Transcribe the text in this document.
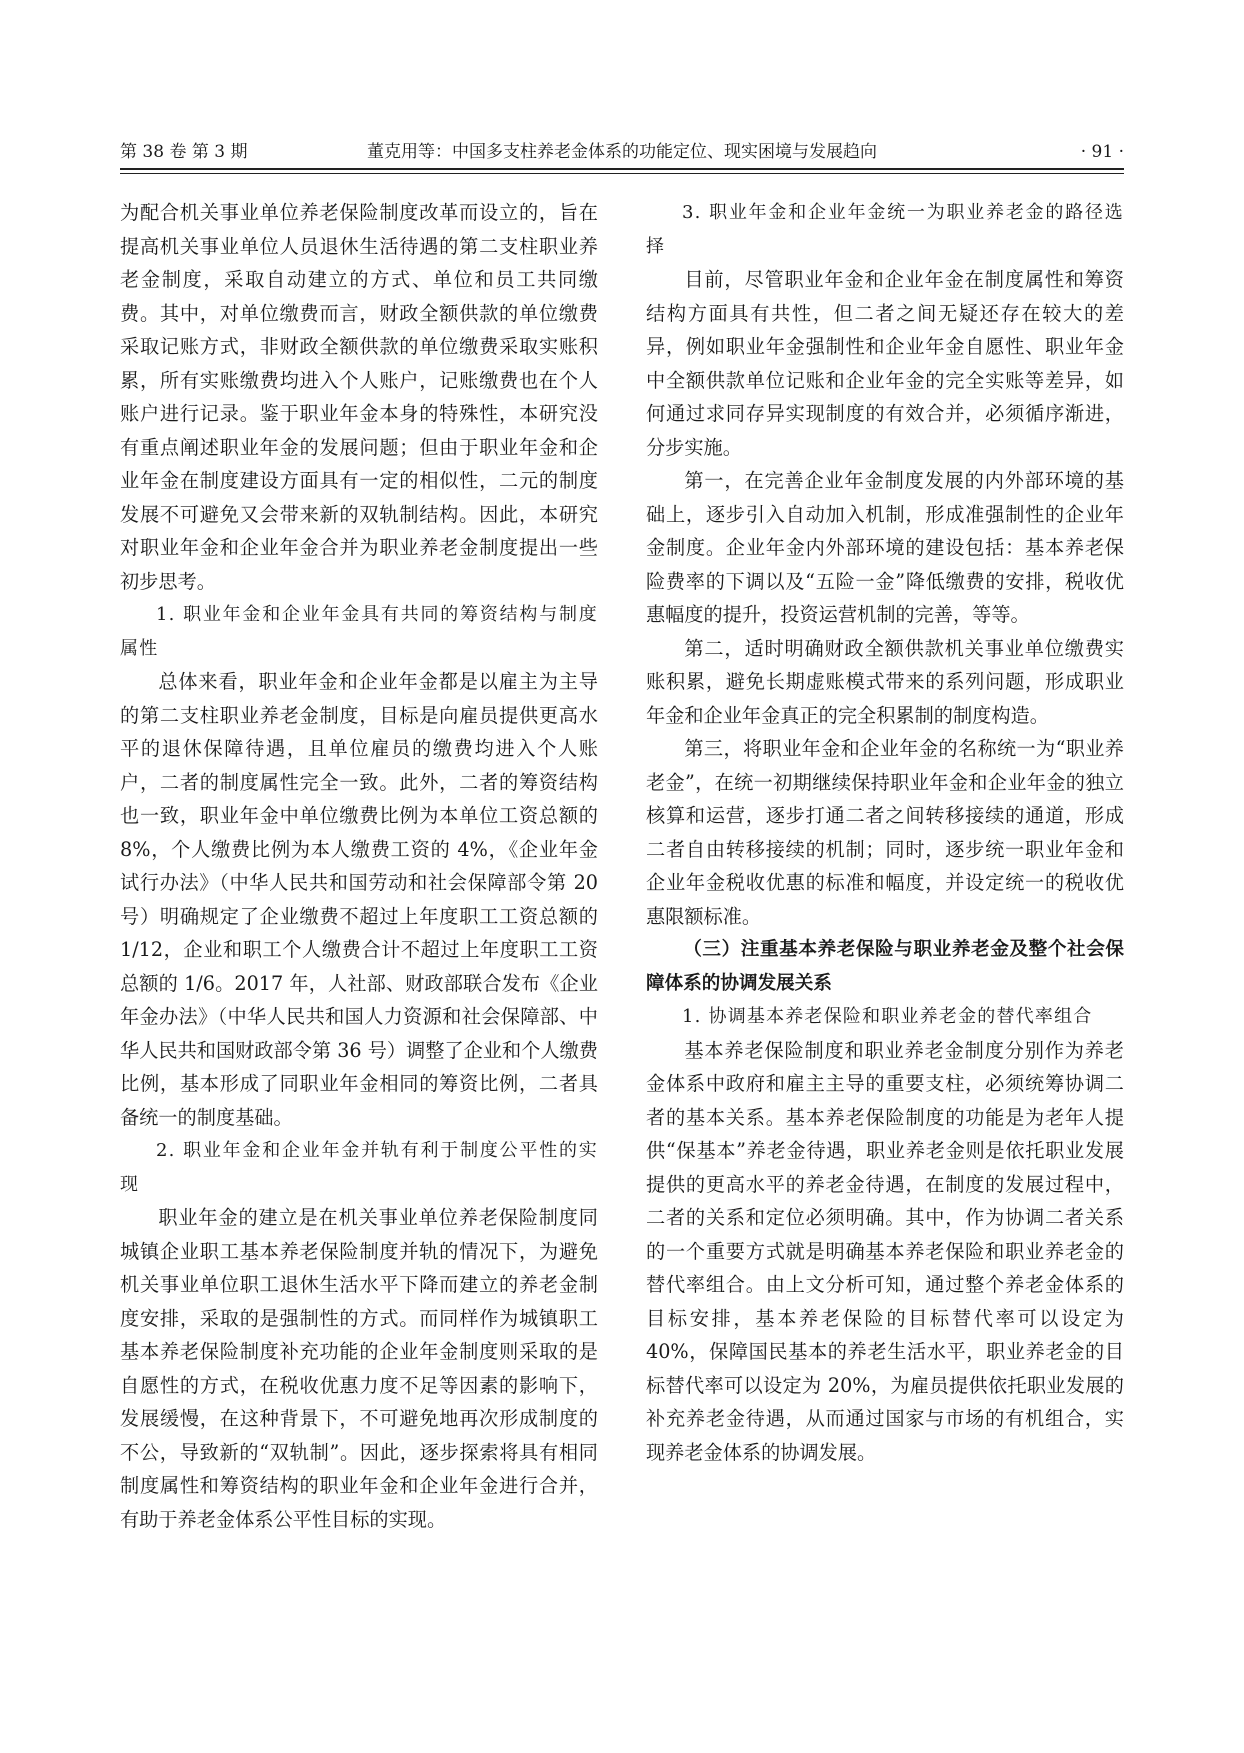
董克用等：中国多支柱养老金体系的功能定位、现实困境与发展趋向
第 38 卷 第 3 期	· 91 ·

为配合机关事业单位养老保险制度改革而设立的，旨在提高机关事业单位人员退休生活待遇的第二支柱职业养老金制度，采取自动建立的方式、单位和员工共同缴费。其中，对单位缴费而言，财政全额供款的单位缴费采取记账方式，非财政全额供款的单位缴费采取实账积累，所有实账缴费均进入个人账户，记账缴费也在个人账户进行记录。鉴于职业年金本身的特殊性，本研究没有重点阐述职业年金的发展问题；但由于职业年金和企业年金在制度建设方面具有一定的相似性，二元的制度发展不可避免又会带来新的双轨制结构。因此，本研究对职业年金和企业年金合并为职业养老金制度提出一些初步思考。

1. 职业年金和企业年金具有共同的筹资结构与制度属性

总体来看，职业年金和企业年金都是以雇主为主导的第二支柱职业养老金制度，目标是向雇员提供更高水平的退休保障待遇，且单位雇员的缴费均进入个人账户，二者的制度属性完全一致。此外，二者的筹资结构也一致，职业年金中单位缴费比例为本单位工资总额的 8%，个人缴费比例为本人缴费工资的 4%，《企业年金试行办法》（中华人民共和国劳动和社会保障部令第 20 号）明确规定了企业缴费不超过上年度职工工资总额的 1/12，企业和职工个人缴费合计不超过上年度职工工资总额的 1/6。2017 年，人社部、财政部联合发布《企业年金办法》（中华人民共和国人力资源和社会保障部、中华人民共和国财政部令第 36 号）调整了企业和个人缴费比例，基本形成了同职业年金相同的筹资比例，二者具备统一的制度基础。

2. 职业年金和企业年金并轨有利于制度公平性的实现

职业年金的建立是在机关事业单位养老保险制度同城镇企业职工基本养老保险制度并轨的情况下，为避免机关事业单位职工退休生活水平下降而建立的养老金制度安排，采取的是强制性的方式。而同样作为城镇职工基本养老保险制度补充功能的企业年金制度则采取的是自愿性的方式，在税收优惠力度不足等因素的影响下，发展缓慢，在这种背景下，不可避免地再次形成制度的不公，导致新的“双轨制”。因此，逐步探索将具有相同制度属性和筹资结构的职业年金和企业年金进行合并，有助于养老金体系公平性目标的实现。

3. 职业年金和企业年金统一为职业养老金的路径选择

目前，尽管职业年金和企业年金在制度属性和筹资结构方面具有共性，但二者之间无疑还存在较大的差异，例如职业年金强制性和企业年金自愿性、职业年金中全额供款单位记账和企业年金的完全实账等差异，如何通过求同存异实现制度的有效合并，必须循序渐进，分步实施。

第一，在完善企业年金制度发展的内外部环境的基础上，逐步引入自动加入机制，形成准强制性的企业年金制度。企业年金内外部环境的建设包括：基本养老保险费率的下调以及“五险一金”降低缴费的安排，税收优惠幅度的提升，投资运营机制的完善，等等。

第二，适时明确财政全额供款机关事业单位缴费实账积累，避免长期虚账模式带来的系列问题，形成职业年金和企业年金真正的完全积累制的制度构造。

第三，将职业年金和企业年金的名称统一为“职业养老金”，在统一初期继续保持职业年金和企业年金的独立核算和运营，逐步打通二者之间转移接续的通道，形成二者自由转移接续的机制；同时，逐步统一职业年金和企业年金税收优惠的标准和幅度，并设定统一的税收优惠限额标准。

（三）注重基本养老保险与职业养老金及整个社会保障体系的协调发展关系

1. 协调基本养老保险和职业养老金的替代率组合

基本养老保险制度和职业养老金制度分别作为养老金体系中政府和雇主主导的重要支柱，必须统筹协调二者的基本关系。基本养老保险制度的功能是为老年人提供“保基本”养老金待遇，职业养老金则是依托职业发展提供的更高水平的养老金待遇，在制度的发展过程中，二者的关系和定位必须明确。其中，作为协调二者关系的一个重要方式就是明确基本养老保险和职业养老金的替代率组合。由上文分析可知，通过整个养老金体系的目标安排，基本养老保险的目标替代率可以设定为 40%，保障国民基本的养老生活水平，职业养老金的目标替代率可以设定为 20%，为雇员提供依托职业发展的补充养老金待遇，从而通过国家与市场的有机组合，实现养老金体系的协调发展。
